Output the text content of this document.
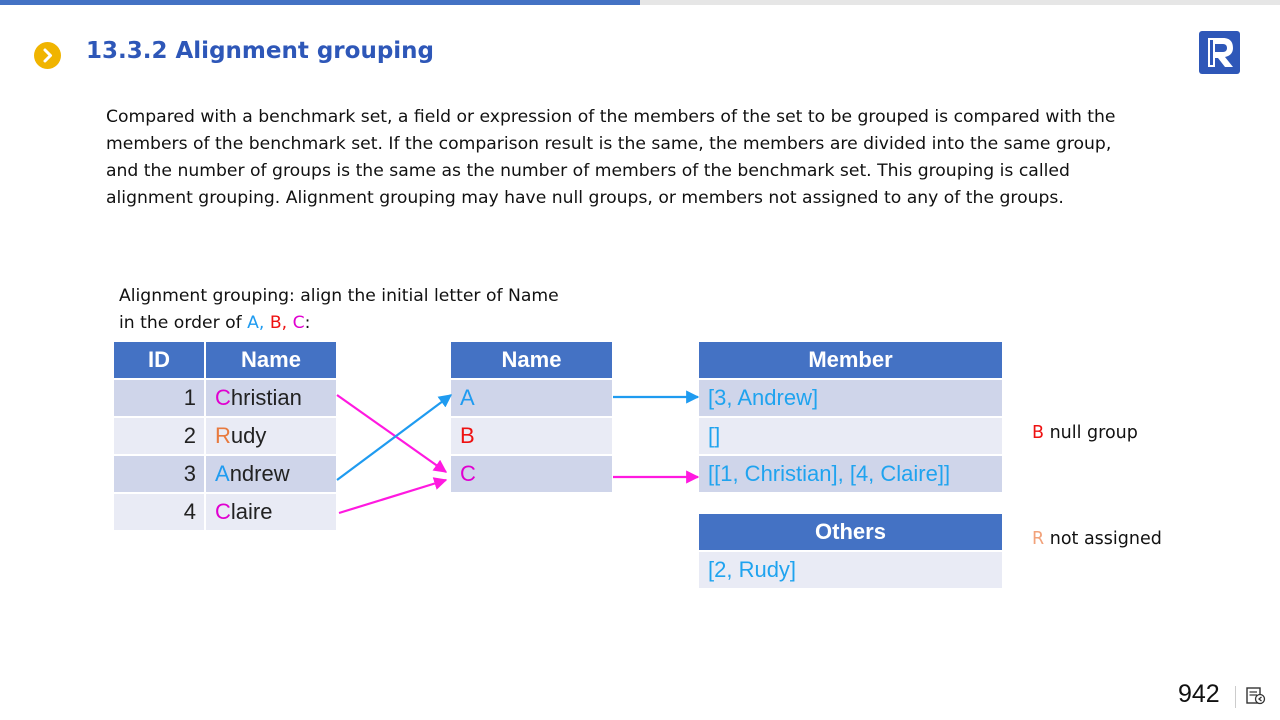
13.3.2 Alignment grouping
Compared with a benchmark set, a field or expression of the members of the set to be grouped is compared with the members of the benchmark set. If the comparison result is the same, the members are divided into the same group, and the number of groups is the same as the number of members of the benchmark set. This grouping is called alignment grouping. Alignment grouping may have null groups, or members not assigned to any of the groups.
Alignment grouping: align the initial letter of Name
in the order of A, B, C:
ID	Name
1	Christian
2	Rudy
3	Andrew
4	Claire
Name
A
B
C
Member
[3, Andrew]
[]
[[1, Christian], [4, Claire]]
Others
[2, Rudy]
B null group
R not assigned
942
